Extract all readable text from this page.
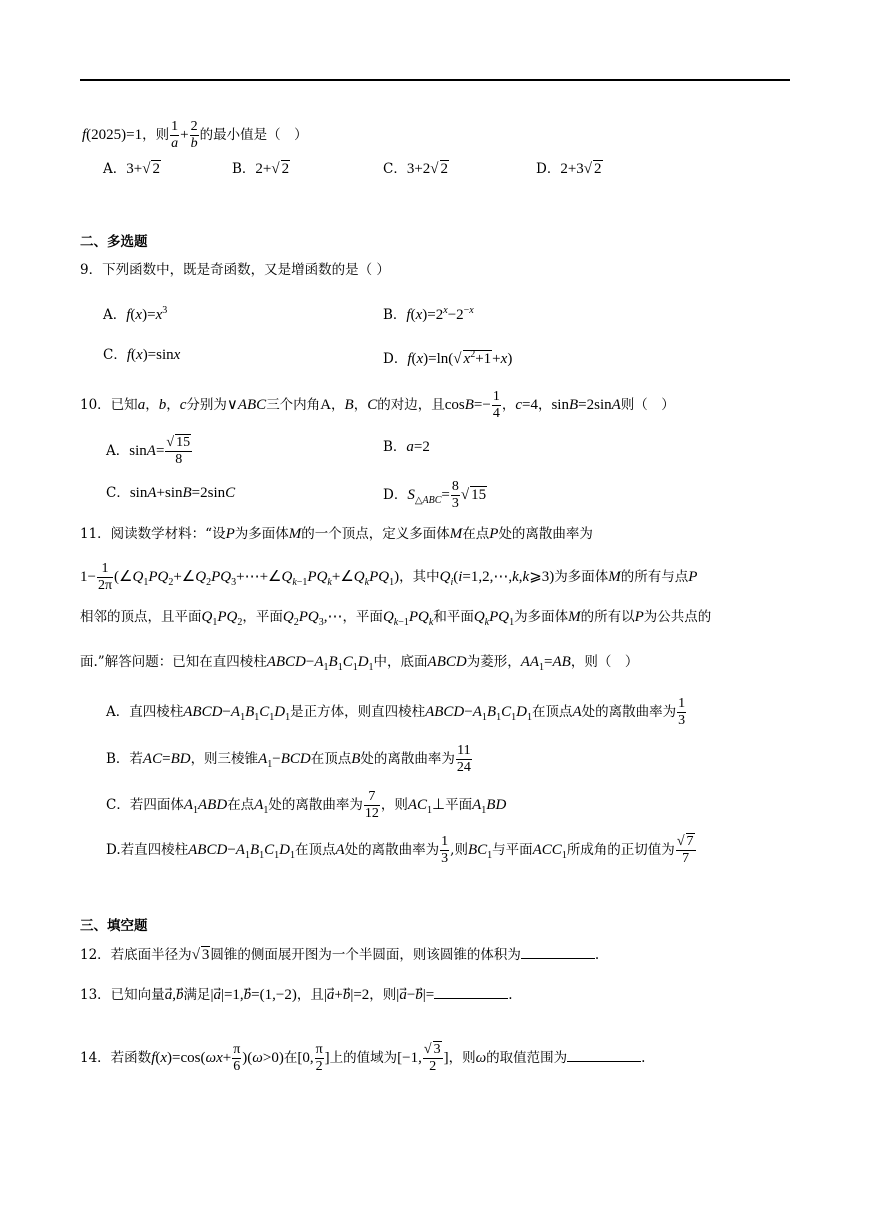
f(2025)=1，则 $\frac{1}{a} + \frac{2}{b}$ 的最小值是（　）
A．3+√ 2	B．2+√ 2	C．3+2√ 2	D．2+3√ 2
二、多选题
9．下列函数中，既是奇函数，又是增函数的是（ ）
A．$f(x)=x^3$	B．$f(x)=2^x-2^{-x}$
C．f(x)=sinx	D．f(x)=ln(√ $x^2+1+x$)
10．已知a，b，c分别为∨ABC三个内角A，B，C的对边，且$\cos B=- \frac{1}{4}$ ，c=4，sinB=2sinA则（　）
A．$\sin A= \frac{√ 15}{8}$	B．a=2
C．sinA+sinB=2sinC	D．$S_{\triangle ABC}= \frac{8}{3}$ √ 15
11．阅读数学材料：“设P为多面体M的一个顶点，定义多面体M在点P处的离散曲率为
$1- \frac{1}{2\pi}$ $(\angle Q_1PQ_2+\angle Q_2PQ_3+\cdots+\angle Q_{k-1}PQ_k+\angle Q_kPQ_1)$，其中$Q_i(i=1,2,\cdots,k,k⩾3)$为多面体M的所有与点P
相邻的顶点，且平面$Q_1PQ_2$，平面$Q_2PQ_3,\cdots$，平面$Q_{k-1}PQ_k$和平面$Q_kPQ_1$为多面体M的所有以P为公共点的
面.”解答问题：已知在直四棱柱$ABCD-A_1B_1C_1D_1$中，底面ABCD为菱形，$AA_1=AB$，则（　）
A．直四棱柱$ABCD-A_1B_1C_1D_1$是正方体，则直四棱柱$ABCD-A_1B_1C_1D_1$在顶点A处的离散曲率为 $\frac{1}{3}$
B．若AC=BD，则三棱锥$A_1-BCD$在顶点B处的离散曲率为 $\frac{11}{24}$
C．若四面体$A_1ABD$在点$A_1$处的离散曲率为 $\frac{7}{12}$ ，则$AC_1\perp$平面$A_1BD$
D.若直四棱柱$ABCD-A_1B_1C_1D_1$在顶点A处的离散曲率为 $\frac{1}{3}$ ,则$BC_1$与平面$ACC_1$所成角的正切值为 $\frac{√ 7}{7}$
三、填空题
12．若底面半径为√ 3圆锥的侧面展开图为一个半圆面，则该圆锥的体积为	.
13．已知向量a⃗,b满足|a⃗|=1,b⃗=(1,−2)，且|a⃗+b⃗|=2，则|a⃗−b⃗|=	.
14．若函数$f(x)=\cos(\omega x+ \frac{\pi}{6} )(\omega>0)$在[0, $\frac{\pi}{2}$ ]上的值域为[−1, $\frac{√ 3}{2}$ ]，则ω的取值范围为	.
